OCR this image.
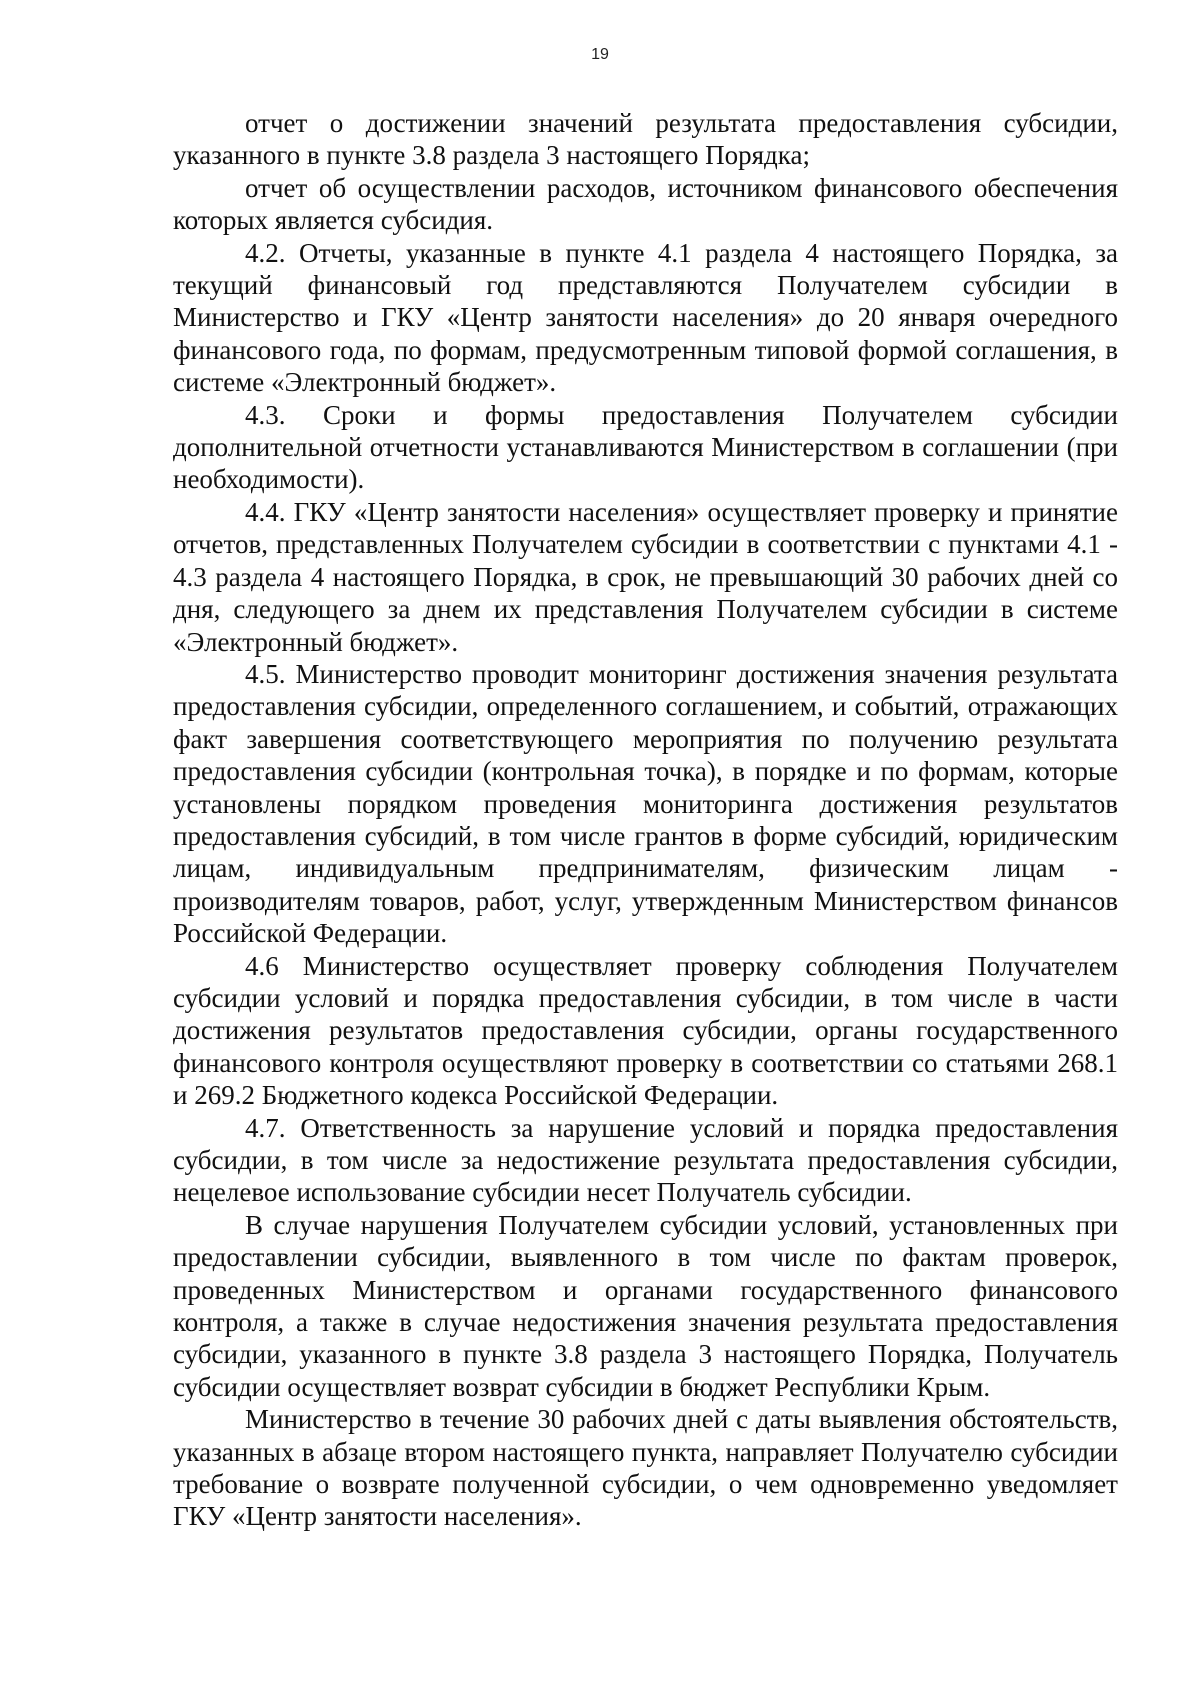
19

отчет о достижении значений результата предоставления субсидии, указанного в пункте 3.8 раздела 3 настоящего Порядка;

отчет об осуществлении расходов, источником финансового обеспечения которых является субсидия.

4.2. Отчеты, указанные в пункте 4.1 раздела 4 настоящего Порядка, за текущий финансовый год представляются Получателем субсидии в Министерство и ГКУ «Центр занятости населения» до 20 января очередного финансового года, по формам, предусмотренным типовой формой соглашения, в системе «Электронный бюджет».

4.3. Сроки и формы предоставления Получателем субсидии дополнительной отчетности устанавливаются Министерством в соглашении (при необходимости).

4.4. ГКУ «Центр занятости населения» осуществляет проверку и принятие отчетов, представленных Получателем субсидии в соответствии с пунктами 4.1 - 4.3 раздела 4 настоящего Порядка, в срок, не превышающий 30 рабочих дней со дня, следующего за днем их представления Получателем субсидии в системе «Электронный бюджет».

4.5. Министерство проводит мониторинг достижения значения результата предоставления субсидии, определенного соглашением, и событий, отражающих факт завершения соответствующего мероприятия по получению результата предоставления субсидии (контрольная точка), в порядке и по формам, которые установлены порядком проведения мониторинга достижения результатов предоставления субсидий, в том числе грантов в форме субсидий, юридическим лицам, индивидуальным предпринимателям, физическим лицам - производителям товаров, работ, услуг, утвержденным Министерством финансов Российской Федерации.

4.6 Министерство осуществляет проверку соблюдения Получателем субсидии условий и порядка предоставления субсидии, в том числе в части достижения результатов предоставления субсидии, органы государственного финансового контроля осуществляют проверку в соответствии со статьями 268.1 и 269.2 Бюджетного кодекса Российской Федерации.

4.7. Ответственность за нарушение условий и порядка предоставления субсидии, в том числе за недостижение результата предоставления субсидии, нецелевое использование субсидии несет Получатель субсидии.

В случае нарушения Получателем субсидии условий, установленных при предоставлении субсидии, выявленного в том числе по фактам проверок, проведенных Министерством и органами государственного финансового контроля, а также в случае недостижения значения результата предоставления субсидии, указанного в пункте 3.8 раздела 3 настоящего Порядка, Получатель субсидии осуществляет возврат субсидии в бюджет Республики Крым.

Министерство в течение 30 рабочих дней с даты выявления обстоятельств, указанных в абзаце втором настоящего пункта, направляет Получателю субсидии требование о возврате полученной субсидии, о чем одновременно уведомляет ГКУ «Центр занятости населения».
